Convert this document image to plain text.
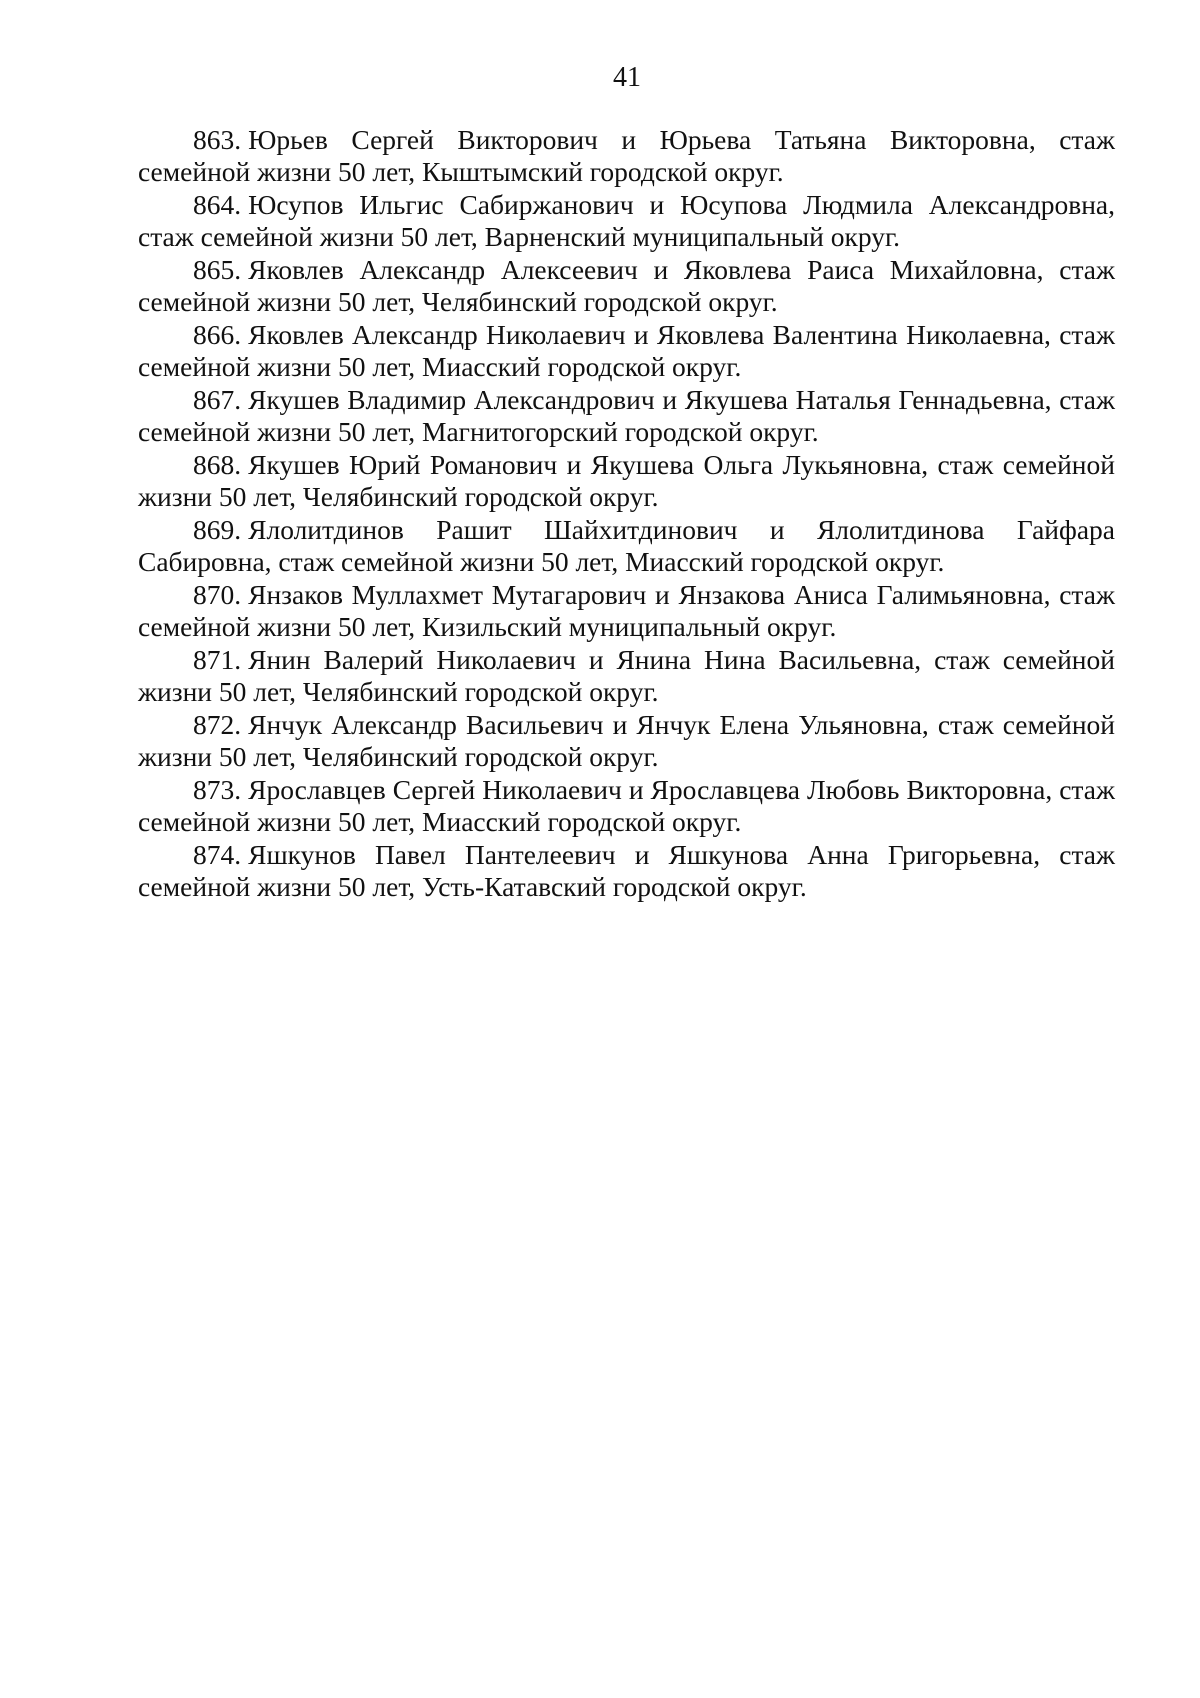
41
863. Юрьев Сергей Викторович и Юрьева Татьяна Викторовна, стаж семейной жизни 50 лет, Кыштымский городской округ.
864. Юсупов Ильгис Сабиржанович и Юсупова Людмила Александровна, стаж семейной жизни 50 лет, Варненский муниципальный округ.
865. Яковлев Александр Алексеевич и Яковлева Раиса Михайловна, стаж семейной жизни 50 лет, Челябинский городской округ.
866. Яковлев Александр Николаевич и Яковлева Валентина Николаевна, стаж семейной жизни 50 лет, Миасский городской округ.
867. Якушев Владимир Александрович и Якушева Наталья Геннадьевна, стаж семейной жизни 50 лет, Магнитогорский городской округ.
868. Якушев Юрий Романович и Якушева Ольга Лукьяновна, стаж семейной жизни 50 лет, Челябинский городской округ.
869. Ялолитдинов Рашит Шайхитдинович и Ялолитдинова Гайфара Сабировна, стаж семейной жизни 50 лет, Миасский городской округ.
870. Янзаков Муллахмет Мутагарович и Янзакова Аниса Галимьяновна, стаж семейной жизни 50 лет, Кизильский муниципальный округ.
871. Янин Валерий Николаевич и Янина Нина Васильевна, стаж семейной жизни 50 лет, Челябинский городской округ.
872. Янчук Александр Васильевич и Янчук Елена Ульяновна, стаж семейной жизни 50 лет, Челябинский городской округ.
873. Ярославцев Сергей Николаевич и Ярославцева Любовь Викторовна, стаж семейной жизни 50 лет, Миасский городской округ.
874. Яшкунов Павел Пантелеевич и Яшкунова Анна Григорьевна, стаж семейной жизни 50 лет, Усть-Катавский городской округ.
